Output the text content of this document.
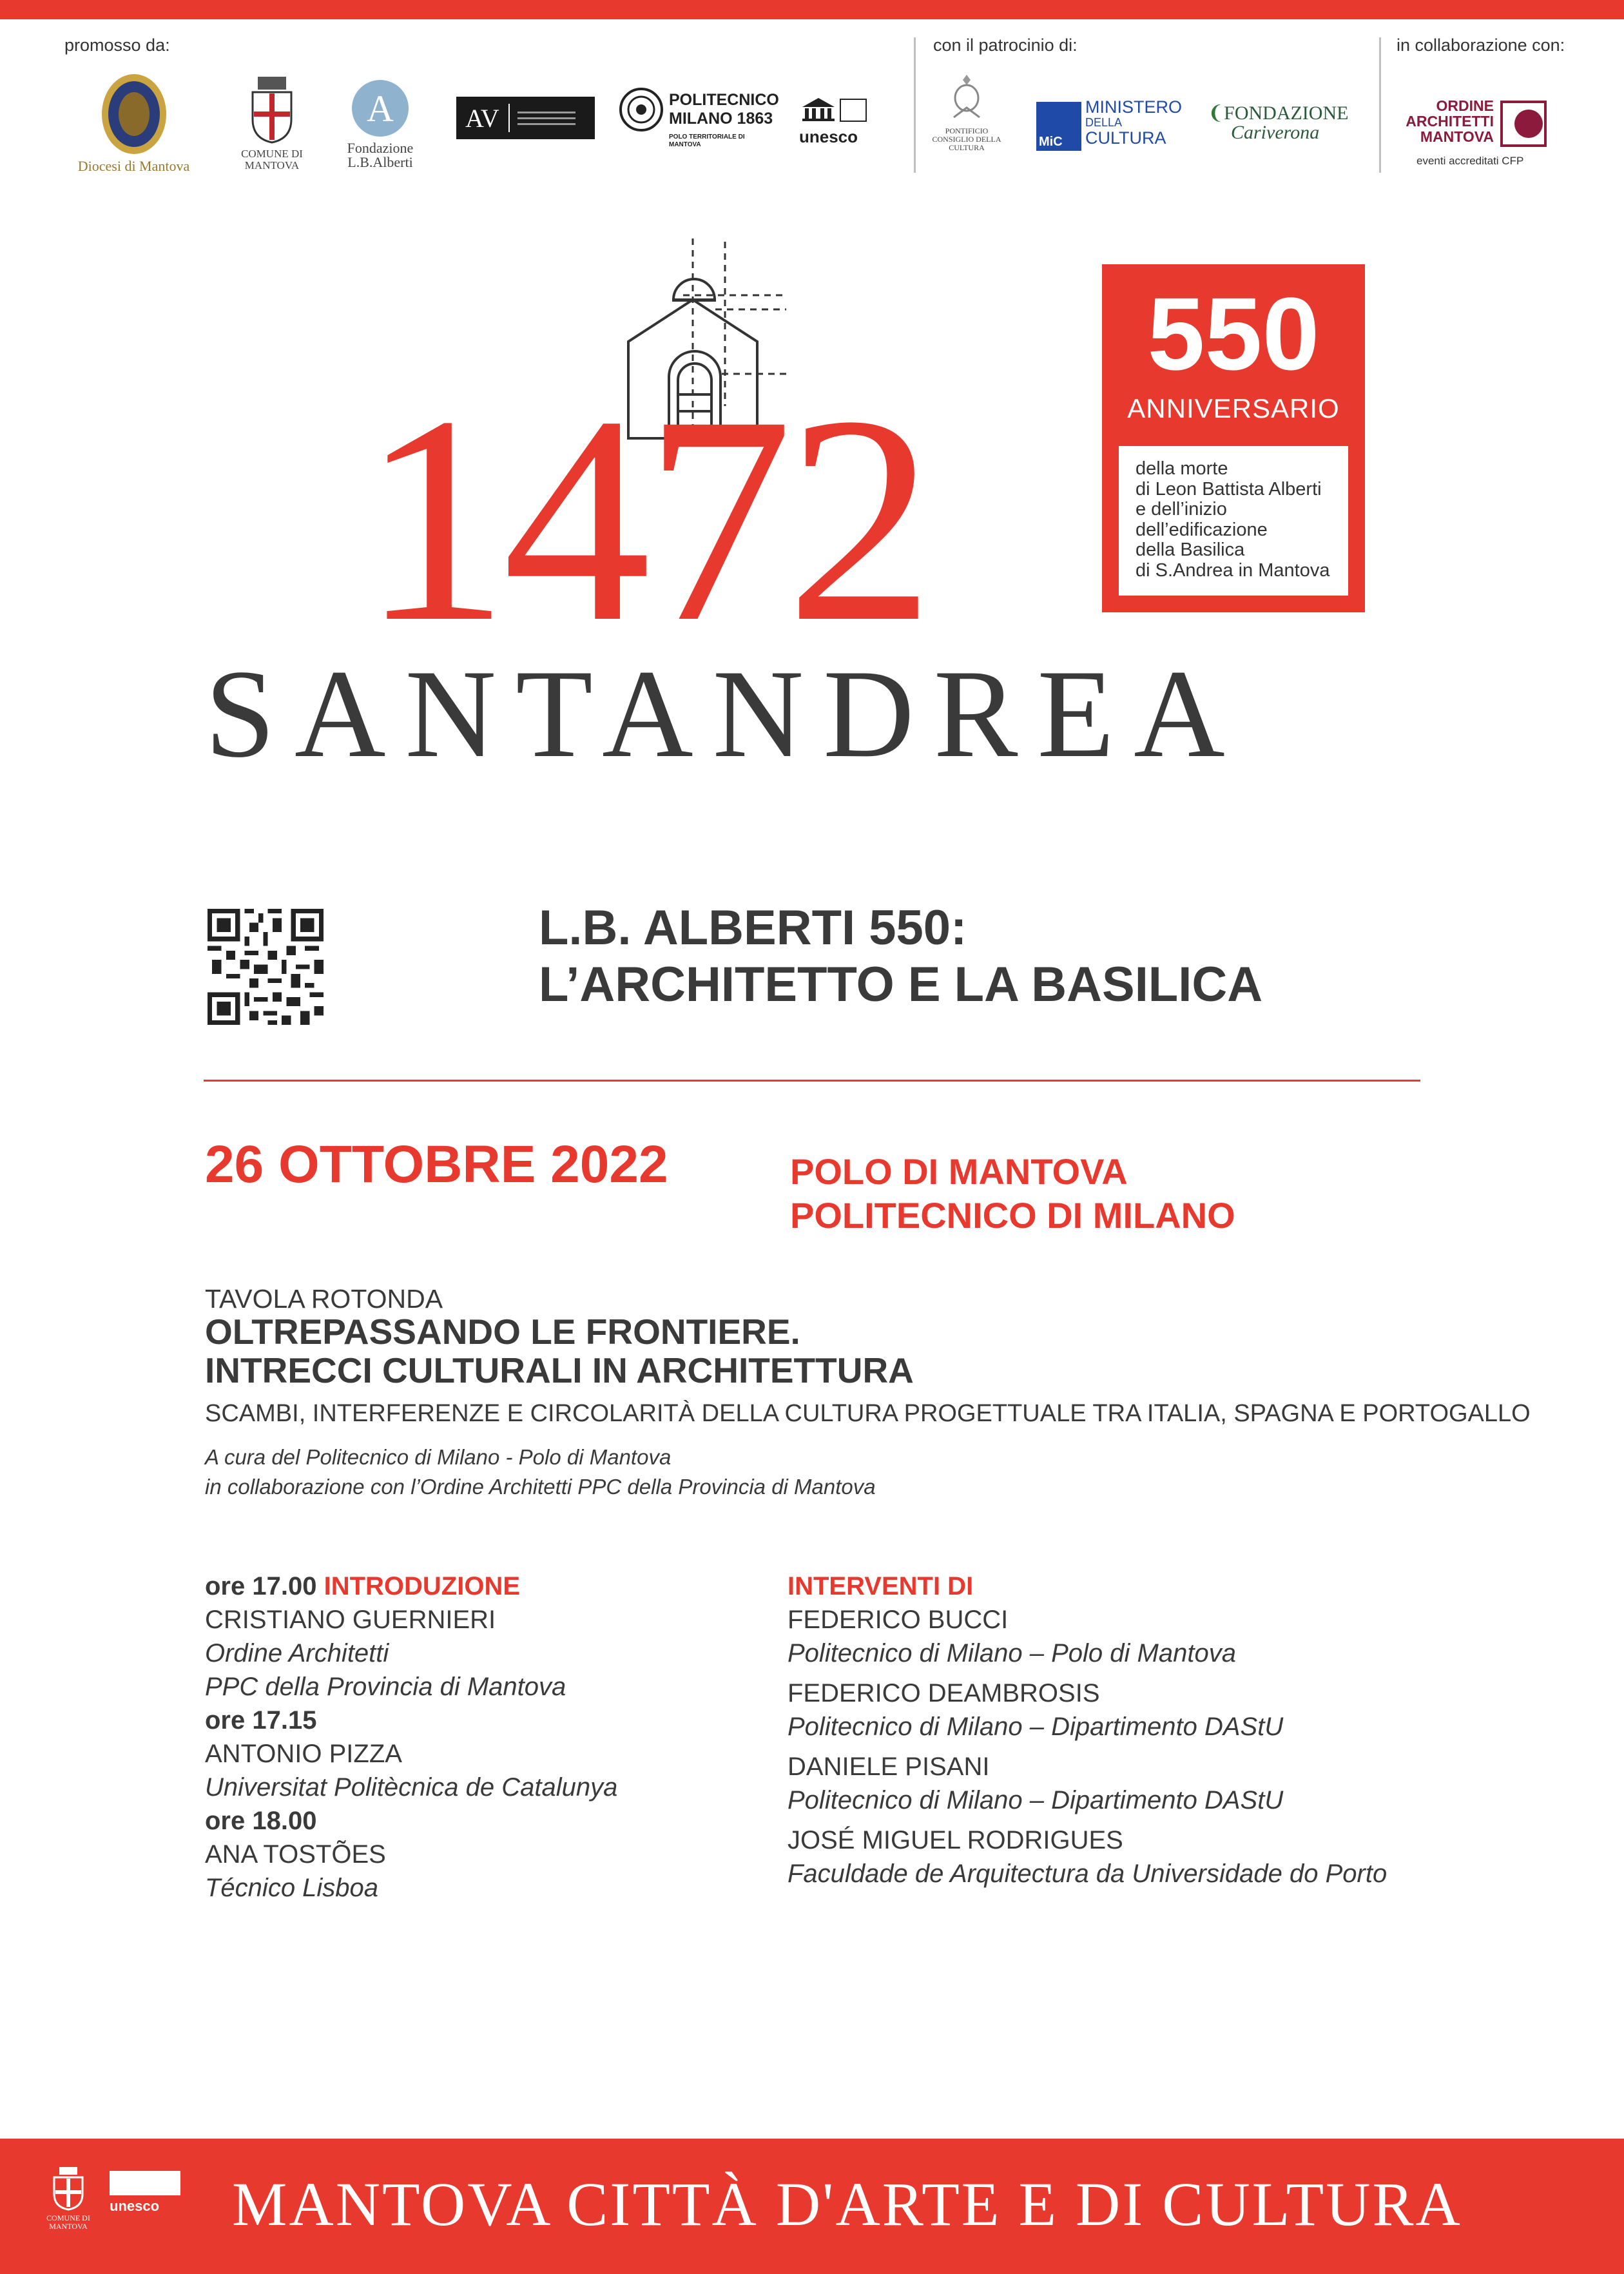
promosso da:	con il patrocinio di:	in collaborazione con:
Diocesi di Mantova
COMUNE DI MANTOVA
A
Fondazione L.B.Alberti
AV
POLITECNICO MILANO 1863
POLO TERRITORIALE DI MANTOVA	unesco	PONTIFICIO CONSIGLIO DELLA CULTURA	MiC
MINISTERO
DELLA
CULTURA
❨FONDAZIONE
Cariverona
ORDINE
ARCHITETTI
MANTOVA
eventi accreditati CFP
1472
SANTANDREA
550
ANNIVERSARIO
della morte
di Leon Battista Alberti
e dell’inizio
dell’edificazione
della Basilica
di S.Andrea in Mantova
L.B. ALBERTI 550:
L’ARCHITETTO E LA BASILICA
26 OTTOBRE 2022	POLO DI MANTOVA
POLITECNICO DI MILANO
TAVOLA ROTONDA
OLTREPASSANDO LE FRONTIERE.
INTRECCI CULTURALI IN ARCHITETTURA
SCAMBI, INTERFERENZE E CIRCOLARITÀ DELLA CULTURA PROGETTUALE TRA ITALIA, SPAGNA E PORTOGALLO
A cura del Politecnico di Milano - Polo di Mantova
in collaborazione con l’Ordine Architetti PPC della Provincia di Mantova
ore 17.00 INTRODUZIONE
CRISTIANO GUERNIERI
Ordine Architetti
PPC della Provincia di Mantova
ore 17.15
ANTONIO PIZZA
Universitat Politècnica de Catalunya
ore 18.00
ANA TOSTÕES
Técnico Lisboa
INTERVENTI DI
FEDERICO BUCCI
Politecnico di Milano – Polo di Mantova
FEDERICO DEAMBROSIS
Politecnico di Milano – Dipartimento DAStU
DANIELE PISANI
Politecnico di Milano – Dipartimento DAStU
JOSÉ MIGUEL RODRIGUES
Faculdade de Arquitectura da Universidade do Porto
COMUNE DI MANTOVA
unesco	MANTOVA CITTÀ D'ARTE E DI CULTURA
